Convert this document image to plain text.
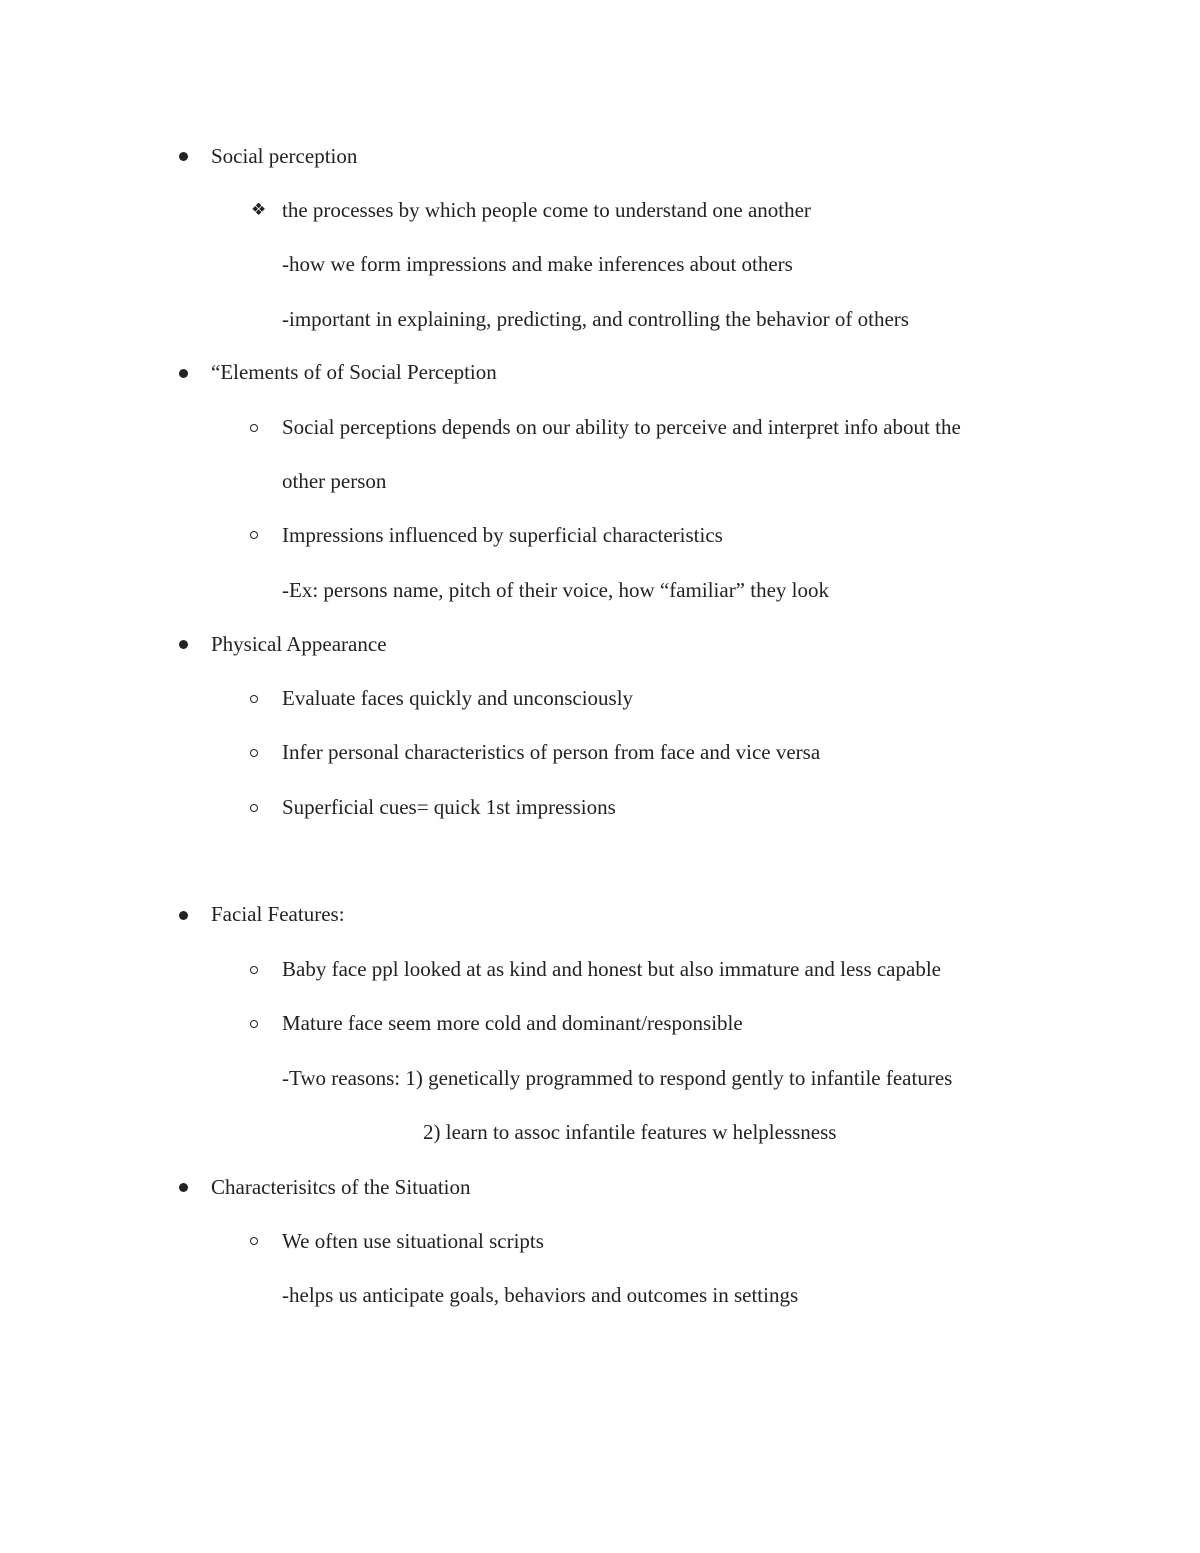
Social perception
❖ the processes by which people come to understand one another
-how we form impressions and make inferences about others
-important in explaining, predicting, and controlling the behavior of others
“Elements of of Social Perception
Social perceptions depends on our ability to perceive and interpret info about the
other person
Impressions influenced by superficial characteristics
-Ex: persons name, pitch of their voice, how “familiar” they look
Physical Appearance
Evaluate faces quickly and unconsciously
Infer personal characteristics of person from face and vice versa
Superficial cues= quick 1st impressions
Facial Features:
Baby face ppl looked at as kind and honest but also immature and less capable
Mature face seem more cold and dominant/responsible
-Two reasons: 1) genetically programmed to respond gently to infantile features
2) learn to assoc infantile features w helplessness
Characterisitcs of the Situation
We often use situational scripts
-helps us anticipate goals, behaviors and outcomes in settings
